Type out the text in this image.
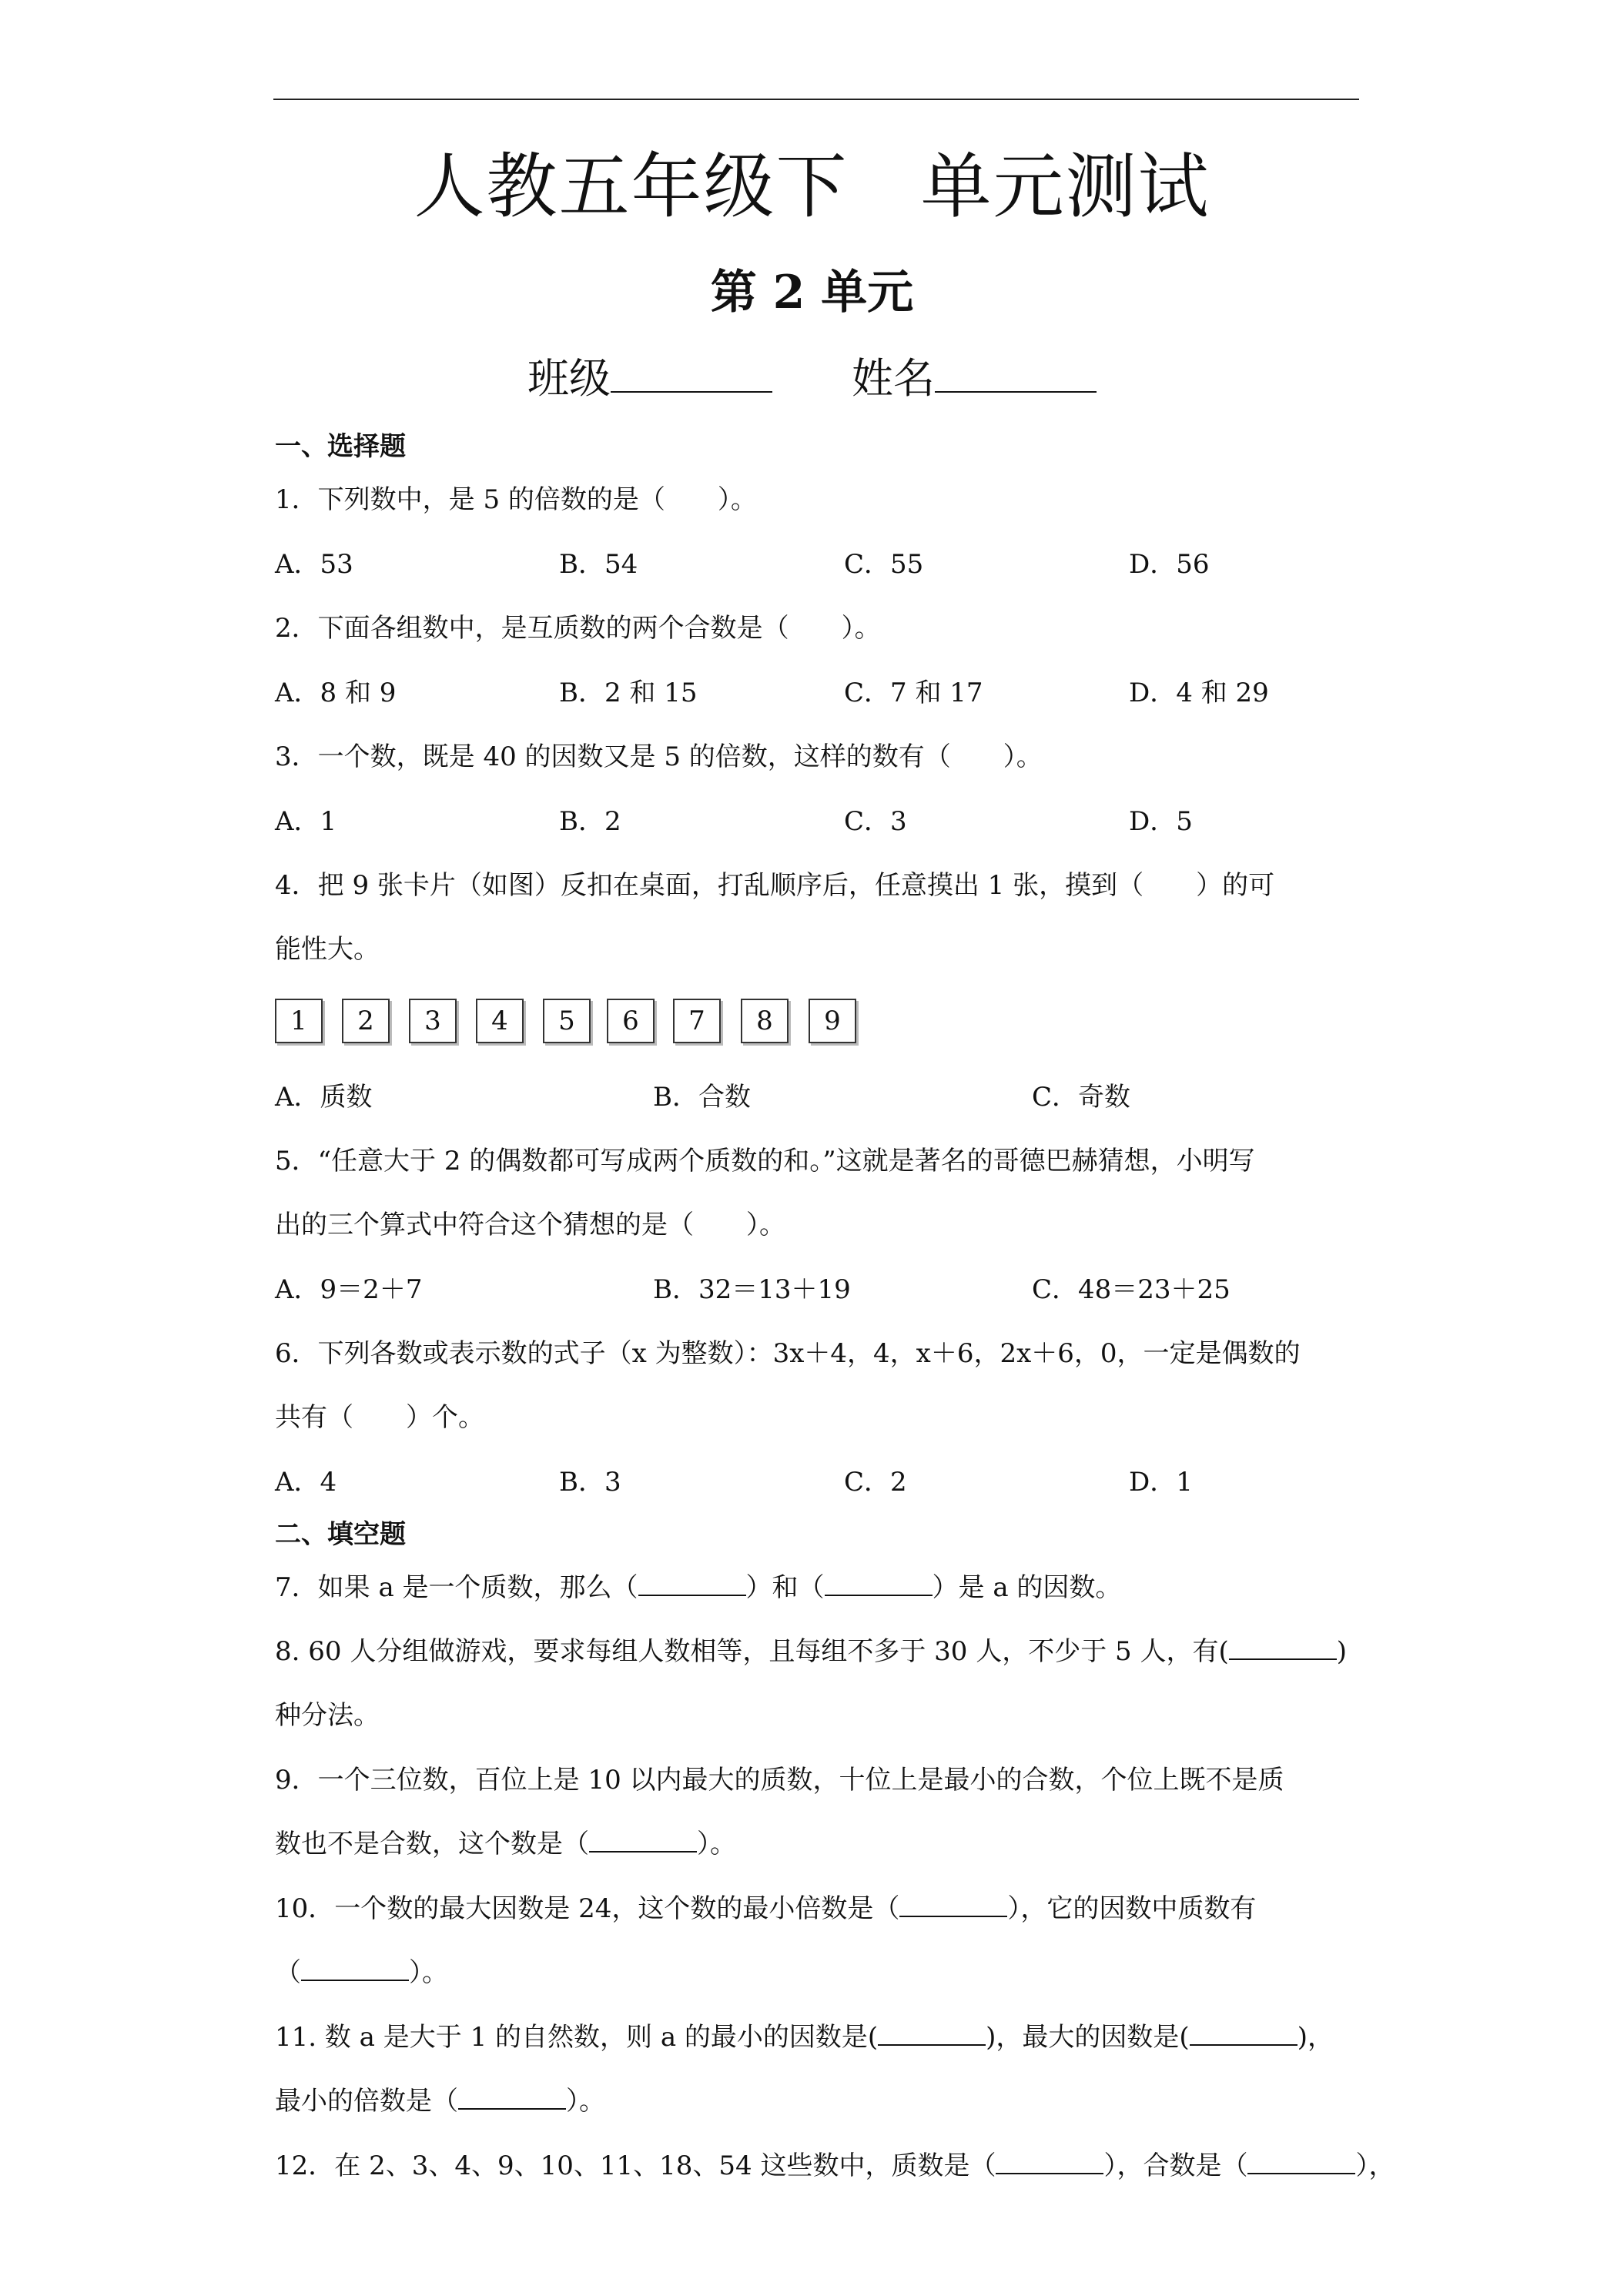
人教五年级下　单元测试
第 2 单元
班级	姓名
一、选择题
1．下列数中，是 5 的倍数的是（　　）。
A．53	B．54	C．55	D．56
2．下面各组数中，是互质数的两个合数是（　　）。
A．8 和 9	B．2 和 15	C．7 和 17	D．4 和 29
3．一个数，既是 40 的因数又是 5 的倍数，这样的数有（　　）。
A．1	B．2	C．3	D．5
4．把 9 张卡片（如图）反扣在桌面，打乱顺序后，任意摸出 1 张，摸到（　　）的可
能性大。
1	2	3	4	5	6	7	8	9
A．质数	B．合数	C．奇数
5．“任意大于 2 的偶数都可写成两个质数的和。”这就是著名的哥德巴赫猜想，小明写
出的三个算式中符合这个猜想的是（　　）。
A．9＝2＋7	B．32＝13＋19	C．48＝23＋25
6．下列各数或表示数的式子（x 为整数）：3x＋4，4，x＋6，2x＋6，0，一定是偶数的
共有（　　）个。
A．4	B．3	C．2	D．1
二、填空题
7．如果 a 是一个质数，那么（	）和（	）是 a 的因数。
8. 60 人分组做游戏，要求每组人数相等，且每组不多于 30 人，不少于 5 人，有(	)
种分法。
9．一个三位数，百位上是 10 以内最大的质数，十位上是最小的合数，个位上既不是质
数也不是合数，这个数是（	）。
10．一个数的最大因数是 24，这个数的最小倍数是（	），它的因数中质数有
（	）。
11. 数 a 是大于 1 的自然数，则 a 的最小的因数是(	)，最大的因数是(	)，
最小的倍数是（	）。
12．在 2、3、4、9、10、11、18、54 这些数中，质数是（	），合数是（	），
